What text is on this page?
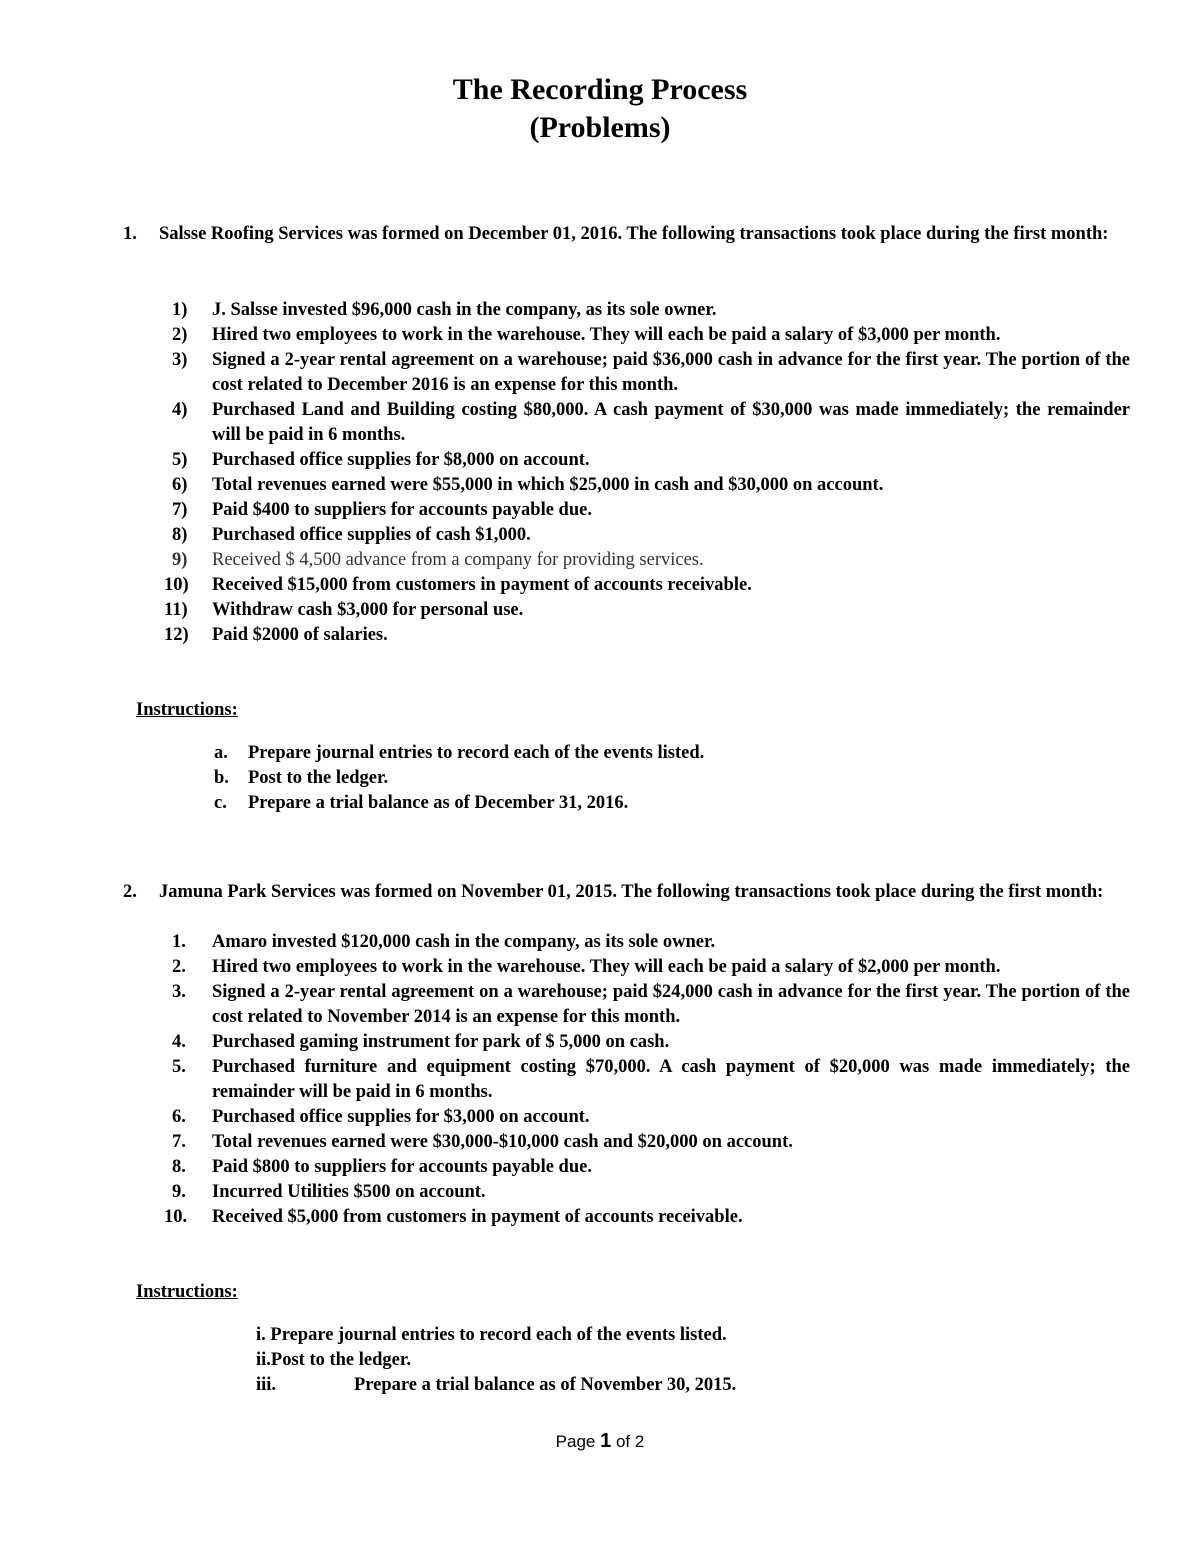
The Recording Process
(Problems)
1.	Salsse Roofing Services was formed on December 01, 2016. The following transactions took place during the first month:
1)	J. Salsse invested $96,000 cash in the company, as its sole owner.
2)	Hired two employees to work in the warehouse. They will each be paid a salary of $3,000 per month.
3)	Signed a 2-year rental agreement on a warehouse; paid $36,000 cash in advance for the first year. The portion of the cost related to December 2016 is an expense for this month.
4)	Purchased Land and Building costing $80,000. A cash payment of $30,000 was made immediately; the remainder will be paid in 6 months.
5)	Purchased office supplies for $8,000 on account.
6)	Total revenues earned were $55,000 in which $25,000 in cash and $30,000 on account.
7)	Paid $400 to suppliers for accounts payable due.
8)	Purchased office supplies of cash $1,000.
9)	Received $ 4,500 advance from a company for providing services.
10)	Received $15,000 from customers in payment of accounts receivable.
11)	Withdraw cash $3,000 for personal use.
12)	Paid $2000 of salaries.
Instructions:
a.	Prepare journal entries to record each of the events listed.
b.	Post to the ledger.
c.	Prepare a trial balance as of December 31, 2016.
2.	Jamuna Park Services was formed on November 01, 2015. The following transactions took place during the first month:
1.	Amaro invested $120,000 cash in the company, as its sole owner.
2.	Hired two employees to work in the warehouse. They will each be paid a salary of $2,000 per month.
3.	Signed a 2-year rental agreement on a warehouse; paid $24,000 cash in advance for the first year. The portion of the cost related to November 2014 is an expense for this month.
4.	Purchased gaming instrument for park of $ 5,000 on cash.
5.	Purchased furniture and equipment costing $70,000. A cash payment of $20,000 was made immediately; the remainder will be paid in 6 months.
6.	Purchased office supplies for $3,000 on account.
7.	Total revenues earned were $30,000-$10,000 cash and $20,000 on account.
8.	Paid $800 to suppliers for accounts payable due.
9.	Incurred Utilities $500 on account.
10.	Received $5,000 from customers in payment of accounts receivable.
Instructions:
i. Prepare journal entries to record each of the events listed.
ii.Post to the ledger.
iii.	Prepare a trial balance as of November 30, 2015.
Page 1 of 2
